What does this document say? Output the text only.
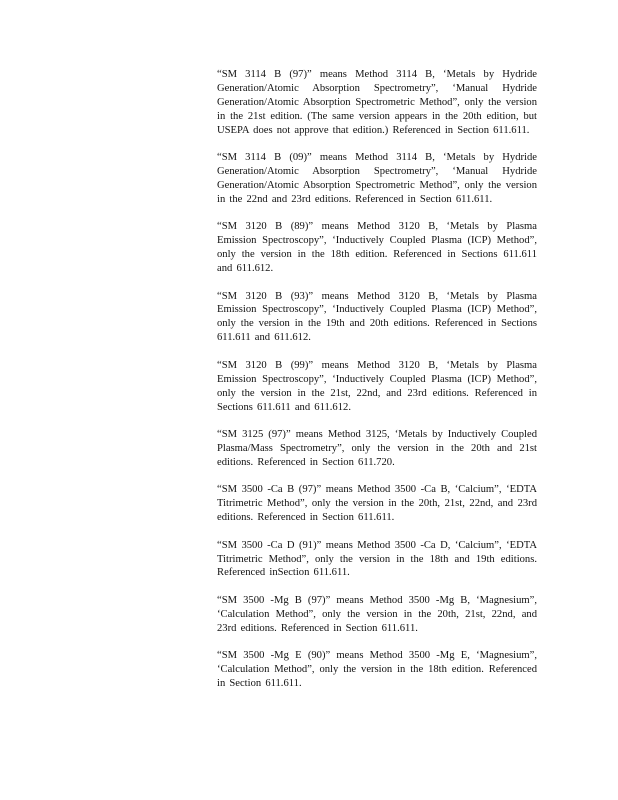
“SM 3114 B (97)” means Method 3114 B, ‘Metals by Hydride Generation/Atomic Absorption Spectrometry”, ‘Manual Hydride Generation/Atomic Absorption Spectrometric Method”, only the version in the 21st edition. (The same version appears in the 20th edition, but USEPA does not approve that edition.) Referenced in Section 611.611.

“SM 3114 B (09)” means Method 3114 B, ‘Metals by Hydride Generation/Atomic Absorption Spectrometry”, ‘Manual Hydride Generation/Atomic Absorption Spectrometric Method”, only the version in the 22nd and 23rd editions. Referenced in Section 611.611.

“SM 3120 B (89)” means Method 3120 B, ‘Metals by Plasma Emission Spectroscopy”, ‘Inductively Coupled Plasma (ICP) Method”, only the version in the 18th edition. Referenced in Sections 611.611 and 611.612.

“SM 3120 B (93)” means Method 3120 B, ‘Metals by Plasma Emission Spectroscopy”, ‘Inductively Coupled Plasma (ICP) Method”, only the version in the 19th and 20th editions. Referenced in Sections 611.611 and 611.612.

“SM 3120 B (99)” means Method 3120 B, ‘Metals by Plasma Emission Spectroscopy”, ‘Inductively Coupled Plasma (ICP) Method”, only the version in the 21st, 22nd, and 23rd editions. Referenced in Sections 611.611 and 611.612.

“SM 3125 (97)” means Method 3125, ‘Metals by Inductively Coupled Plasma/Mass Spectrometry”, only the version in the 20th and 21st editions. Referenced in Section 611.720.

“SM 3500 -Ca B (97)” means Method 3500 -Ca B, ‘Calcium”, ‘EDTA Titrimetric Method”, only the version in the 20th, 21st, 22nd, and 23rd editions. Referenced in Section 611.611.

“SM 3500 -Ca D (91)” means Method 3500 -Ca D, ‘Calcium”, ‘EDTA Titrimetric Method”, only the version in the 18th and 19th editions. Referenced inSection 611.611.

“SM 3500 -Mg B (97)” means Method 3500 -Mg B, ‘Magnesium”, ‘Calculation Method”, only the version in the 20th, 21st, 22nd, and 23rd editions. Referenced in Section 611.611.

“SM 3500 -Mg E (90)” means Method 3500 -Mg E, ‘Magnesium”, ‘Calculation Method”, only the version in the 18th edition. Referenced in Section 611.611.
